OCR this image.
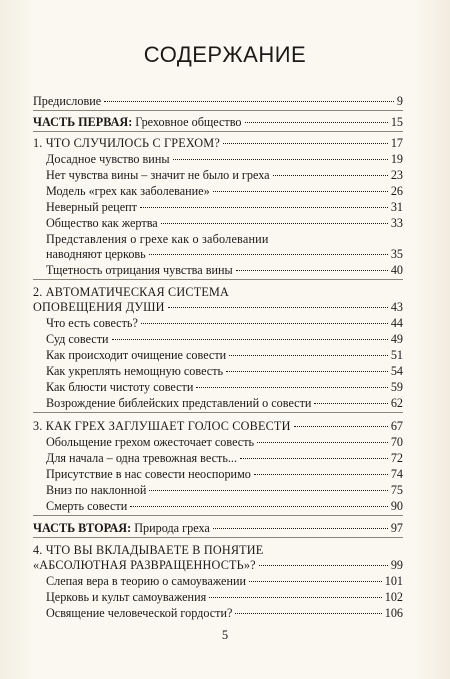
СОДЕРЖАНИЕ
Предисловие	9
ЧАСТЬ ПЕРВАЯ: Греховное общество	15
1. ЧТО СЛУЧИЛОСЬ С ГРЕХОМ?	17
Досадное чувство вины	19
Нет чувства вины – значит не было и греха	23
Модель «грех как заболевание»	26
Неверный рецепт	31
Общество как жертва	33
Представления о грехе как о заболевании
наводняют церковь	35
Тщетность отрицания чувства вины	40
2. АВТОМАТИЧЕСКАЯ СИСТЕМА
ОПОВЕЩЕНИЯ ДУШИ	43
Что есть совесть?	44
Суд совести	49
Как происходит очищение совести	51
Как укреплять немощную совесть	54
Как блюсти чистоту совести	59
Возрождение библейских представлений о совести	62
3. КАК ГРЕХ ЗАГЛУШАЕТ ГОЛОС СОВЕСТИ	67
Обольщение грехом ожесточает совесть	70
Для начала – одна тревожная весть...	72
Присутствие в нас совести неоспоримо	74
Вниз по наклонной	75
Смерть совести	90
ЧАСТЬ ВТОРАЯ: Природа греха	97
4. ЧТО ВЫ ВКЛАДЫВАЕТЕ В ПОНЯТИЕ
«АБСОЛЮТНАЯ РАЗВРАЩЕННОСТЬ»?	99
Слепая вера в теорию о самоуважении	101
Церковь и культ самоуважения	102
Освящение человеческой гордости?	106
5
